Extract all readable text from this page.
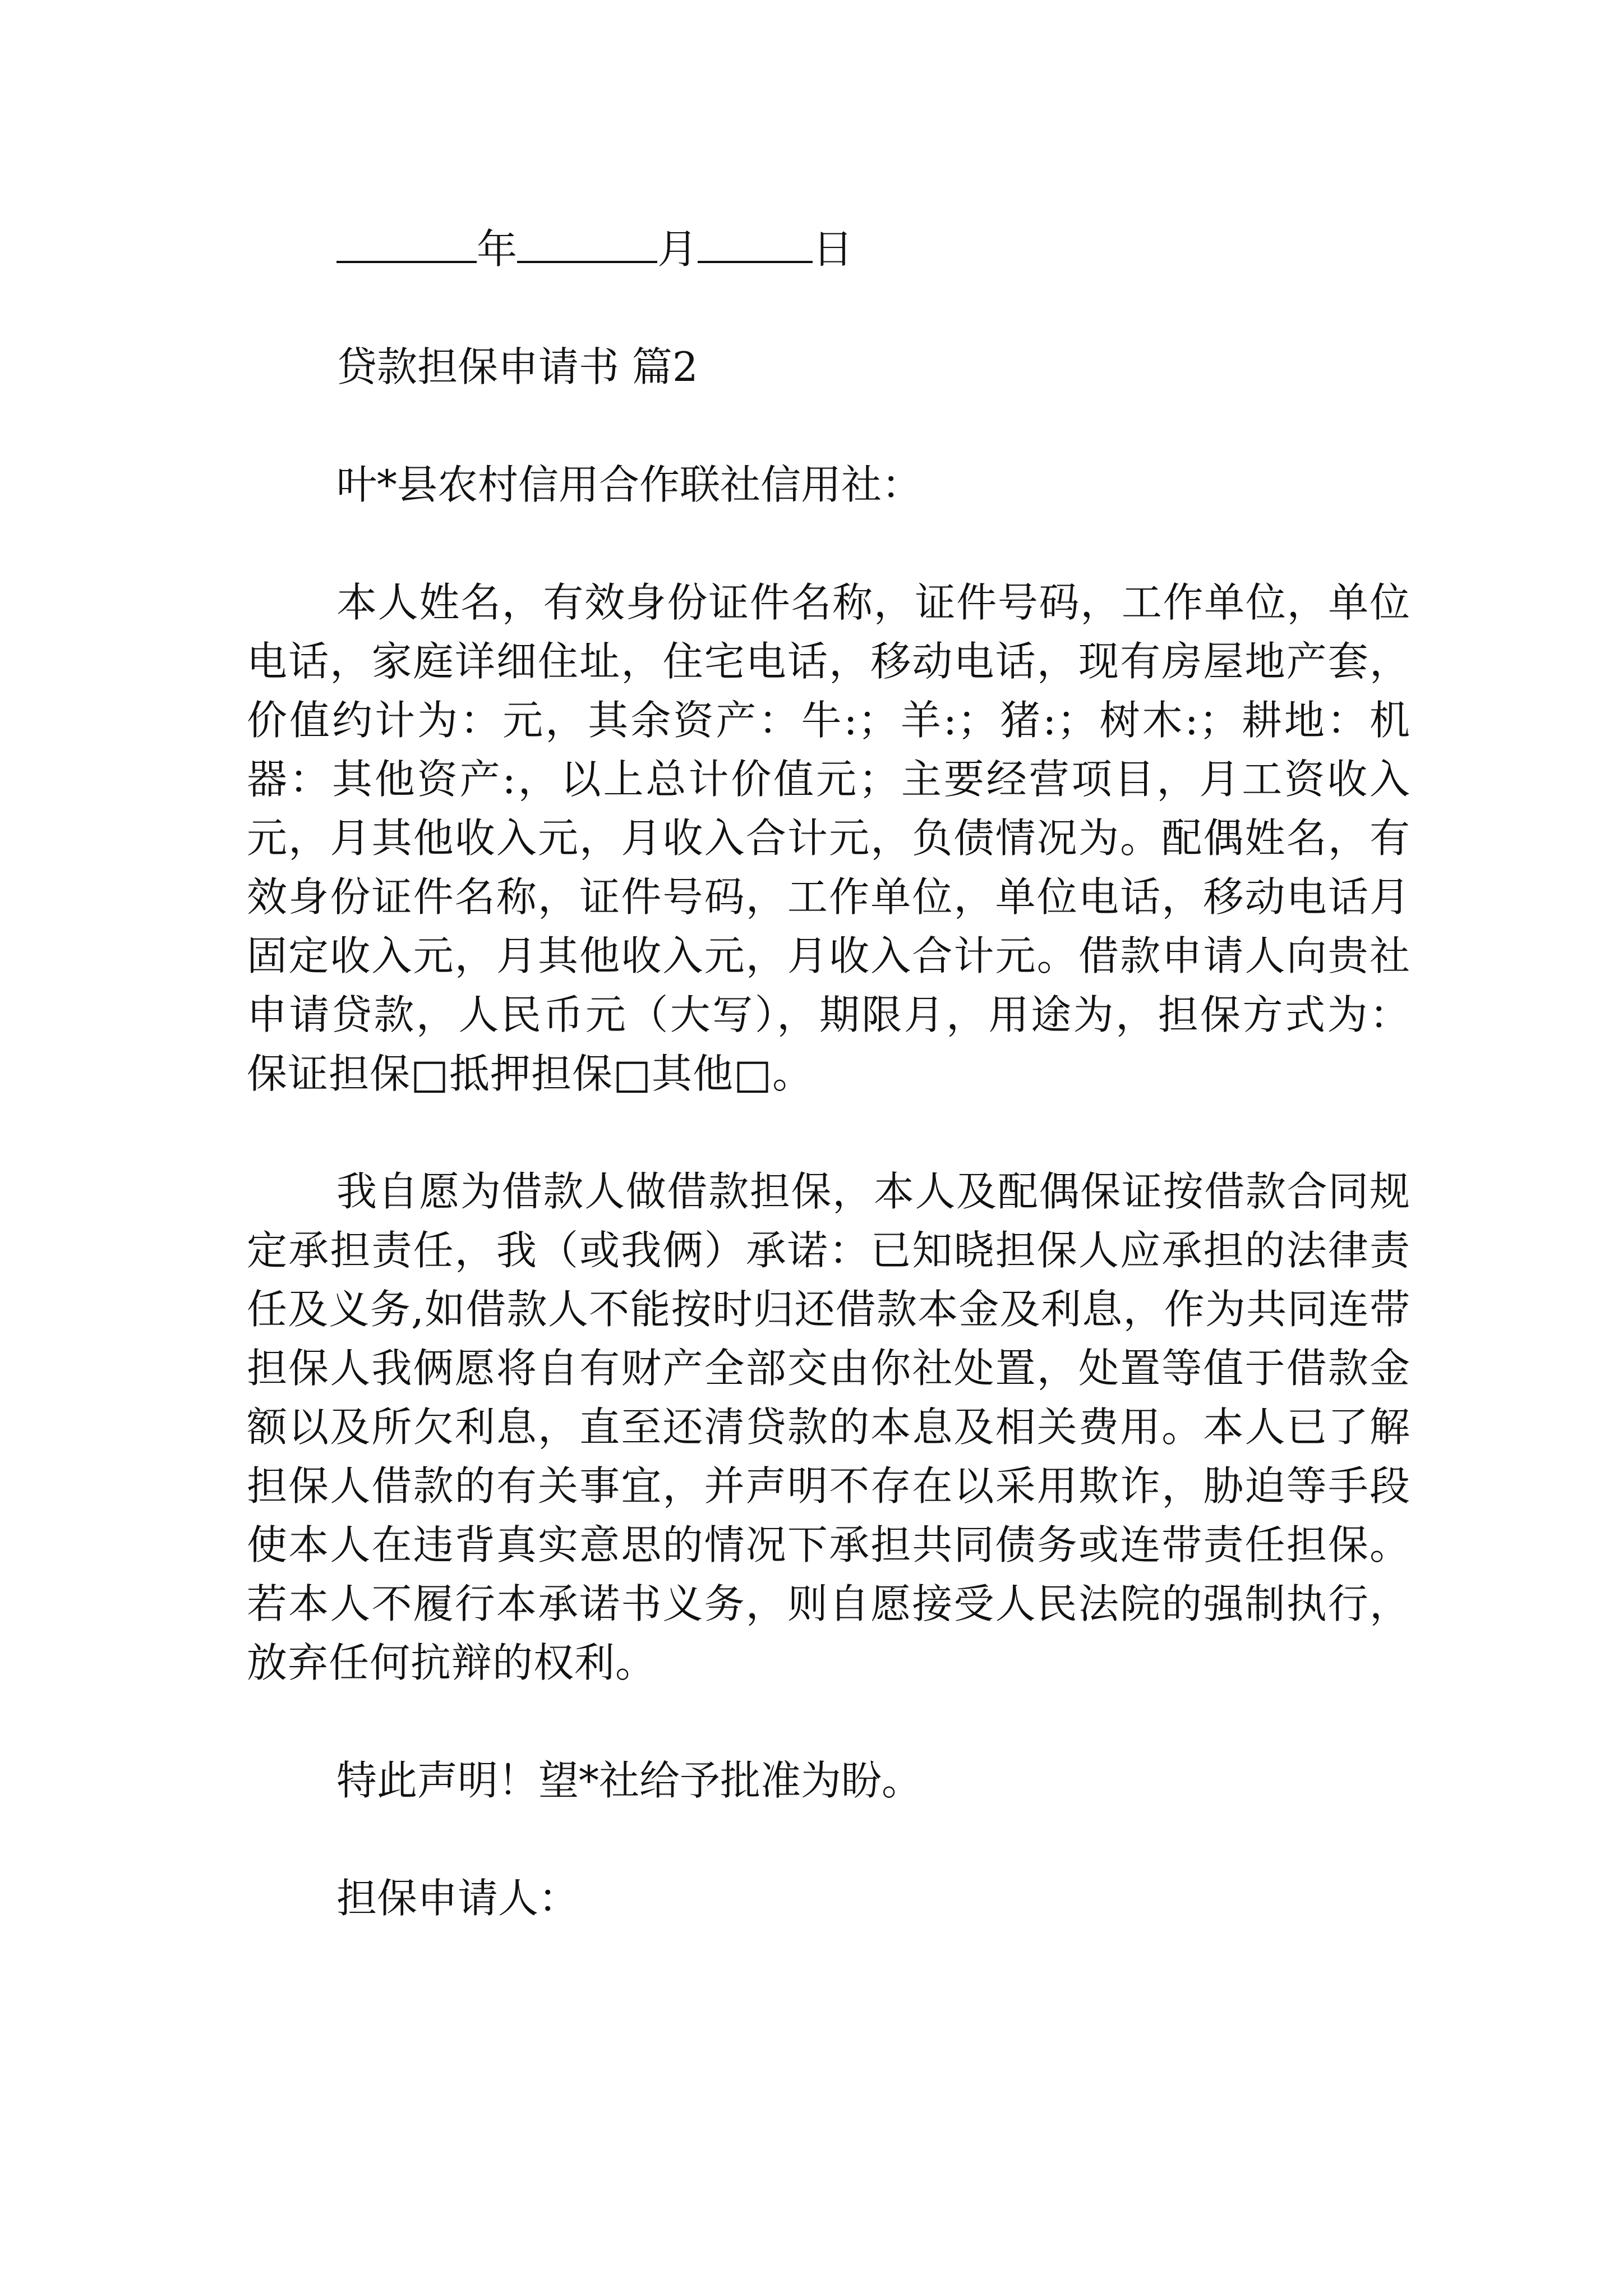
年	月	日
贷款担保申请书 篇2
叶*县农村信用合作联社信用社：

本人姓名，有效身份证件名称，证件号码，工作单位，单位电话，家庭详细住址，住宅电话，移动电话，现有房屋地产套，价值约计为：元，其余资产：牛:；羊:；猪:；树木:；耕地：机器：其他资产:，以上总计价值元；主要经营项目，月工资收入元，月其他收入元，月收入合计元，负债情况为。配偶姓名，有效身份证件名称，证件号码，工作单位，单位电话，移动电话月固定收入元，月其他收入元，月收入合计元。借款申请人向贵社申请贷款，人民币元（大写），期限月，用途为，担保方式为：保证担保□抵押担保□其他□。

我自愿为借款人做借款担保，本人及配偶保证按借款合同规定承担责任，我（或我俩）承诺：已知晓担保人应承担的法律责任及义务,如借款人不能按时归还借款本金及利息，作为共同连带担保人我俩愿将自有财产全部交由你社处置，处置等值于借款金额以及所欠利息，直至还清贷款的本息及相关费用。本人已了解担保人借款的有关事宜，并声明不存在以采用欺诈，胁迫等手段使本人在违背真实意思的情况下承担共同债务或连带责任担保。若本人不履行本承诺书义务，则自愿接受人民法院的强制执行，放弃任何抗辩的权利。

特此声明！望*社给予批准为盼。
担保申请人：
